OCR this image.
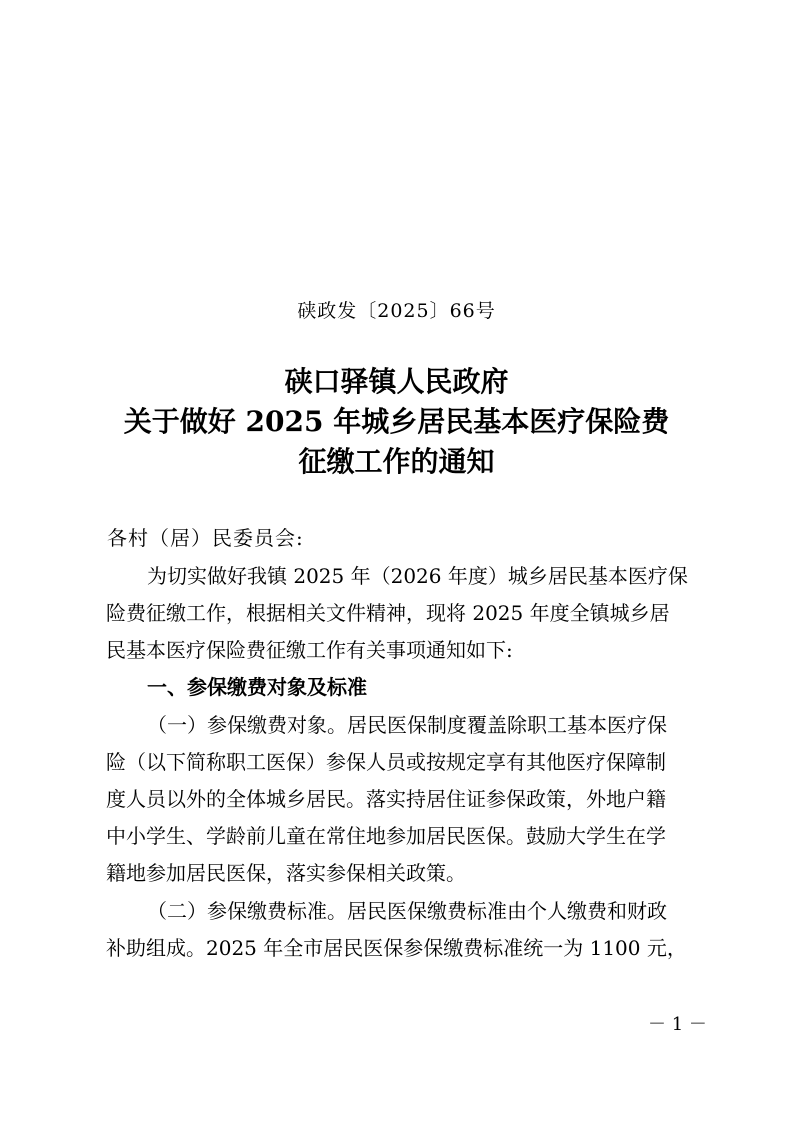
硖政发〔2025〕66号
硖口驿镇人民政府
关于做好 2025 年城乡居民基本医疗保险费
征缴工作的通知
各村（居）民委员会:
为切实做好我镇 2025 年（2026 年度）城乡居民基本医疗保
险费征缴工作，根据相关文件精神，现将 2025 年度全镇城乡居
民基本医疗保险费征缴工作有关事项通知如下:
一、参保缴费对象及标准
（一）参保缴费对象。居民医保制度覆盖除职工基本医疗保
险（以下简称职工医保）参保人员或按规定享有其他医疗保障制
度人员以外的全体城乡居民。落实持居住证参保政策，外地户籍
中小学生、学龄前儿童在常住地参加居民医保。鼓励大学生在学
籍地参加居民医保，落实参保相关政策。
（二）参保缴费标准。居民医保缴费标准由个人缴费和财政
补助组成。2025 年全市居民医保参保缴费标准统一为 1100 元，
－ 1 －
